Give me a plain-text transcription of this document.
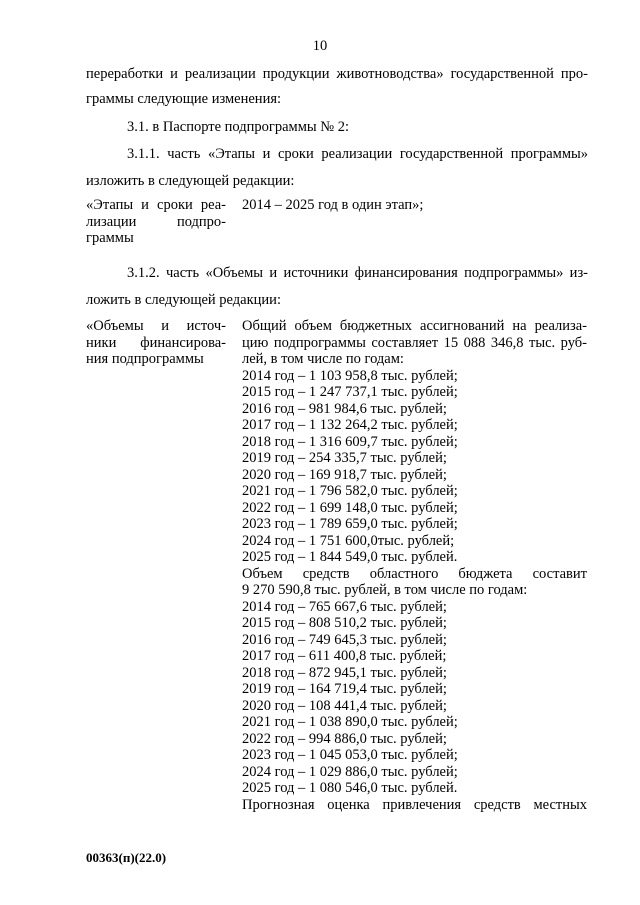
10
переработки и реализации продукции животноводства» государственной про-
граммы следующие изменения:
3.1. в Паспорте подпрограммы № 2:
3.1.1. часть «Этапы и сроки реализации государственной программы»
изложить в следующей редакции:
«Этапы и сроки реа-
лизации подпро-
граммы
2014 – 2025 год в один этап»;
3.1.2. часть «Объемы и источники финансирования подпрограммы» из-
ложить в следующей редакции:
«Объемы и источ-
ники финансирова-
ния подпрограммы
Общий объем бюджетных ассигнований на реализа-
цию подпрограммы составляет 15 088 346,8 тыс. руб-
лей, в том числе по годам:
2014 год – 1 103 958,8 тыс. рублей;
2015 год – 1 247 737,1 тыс. рублей;
2016 год – 981 984,6 тыс. рублей;
2017 год – 1 132 264,2 тыс. рублей;
2018 год – 1 316 609,7 тыс. рублей;
2019 год – 254 335,7 тыс. рублей;
2020 год – 169 918,7 тыс. рублей;
2021 год – 1 796 582,0 тыс. рублей;
2022 год – 1 699 148,0 тыс. рублей;
2023 год – 1 789 659,0 тыс. рублей;
2024 год – 1 751 600,0тыс. рублей;
2025 год – 1 844 549,0 тыс. рублей.
Объем средств областного бюджета составит
9 270 590,8 тыс. рублей, в том числе по годам:
2014 год – 765 667,6 тыс. рублей;
2015 год – 808 510,2 тыс. рублей;
2016 год – 749 645,3 тыс. рублей;
2017 год – 611 400,8 тыс. рублей;
2018 год – 872 945,1 тыс. рублей;
2019 год – 164 719,4 тыс. рублей;
2020 год – 108 441,4 тыс. рублей;
2021 год – 1 038 890,0 тыс. рублей;
2022 год – 994 886,0 тыс. рублей;
2023 год – 1 045 053,0 тыс. рублей;
2024 год – 1 029 886,0 тыс. рублей;
2025 год – 1 080 546,0 тыс. рублей.
Прогнозная оценка привлечения средств местных
00363(п)(22.0)
